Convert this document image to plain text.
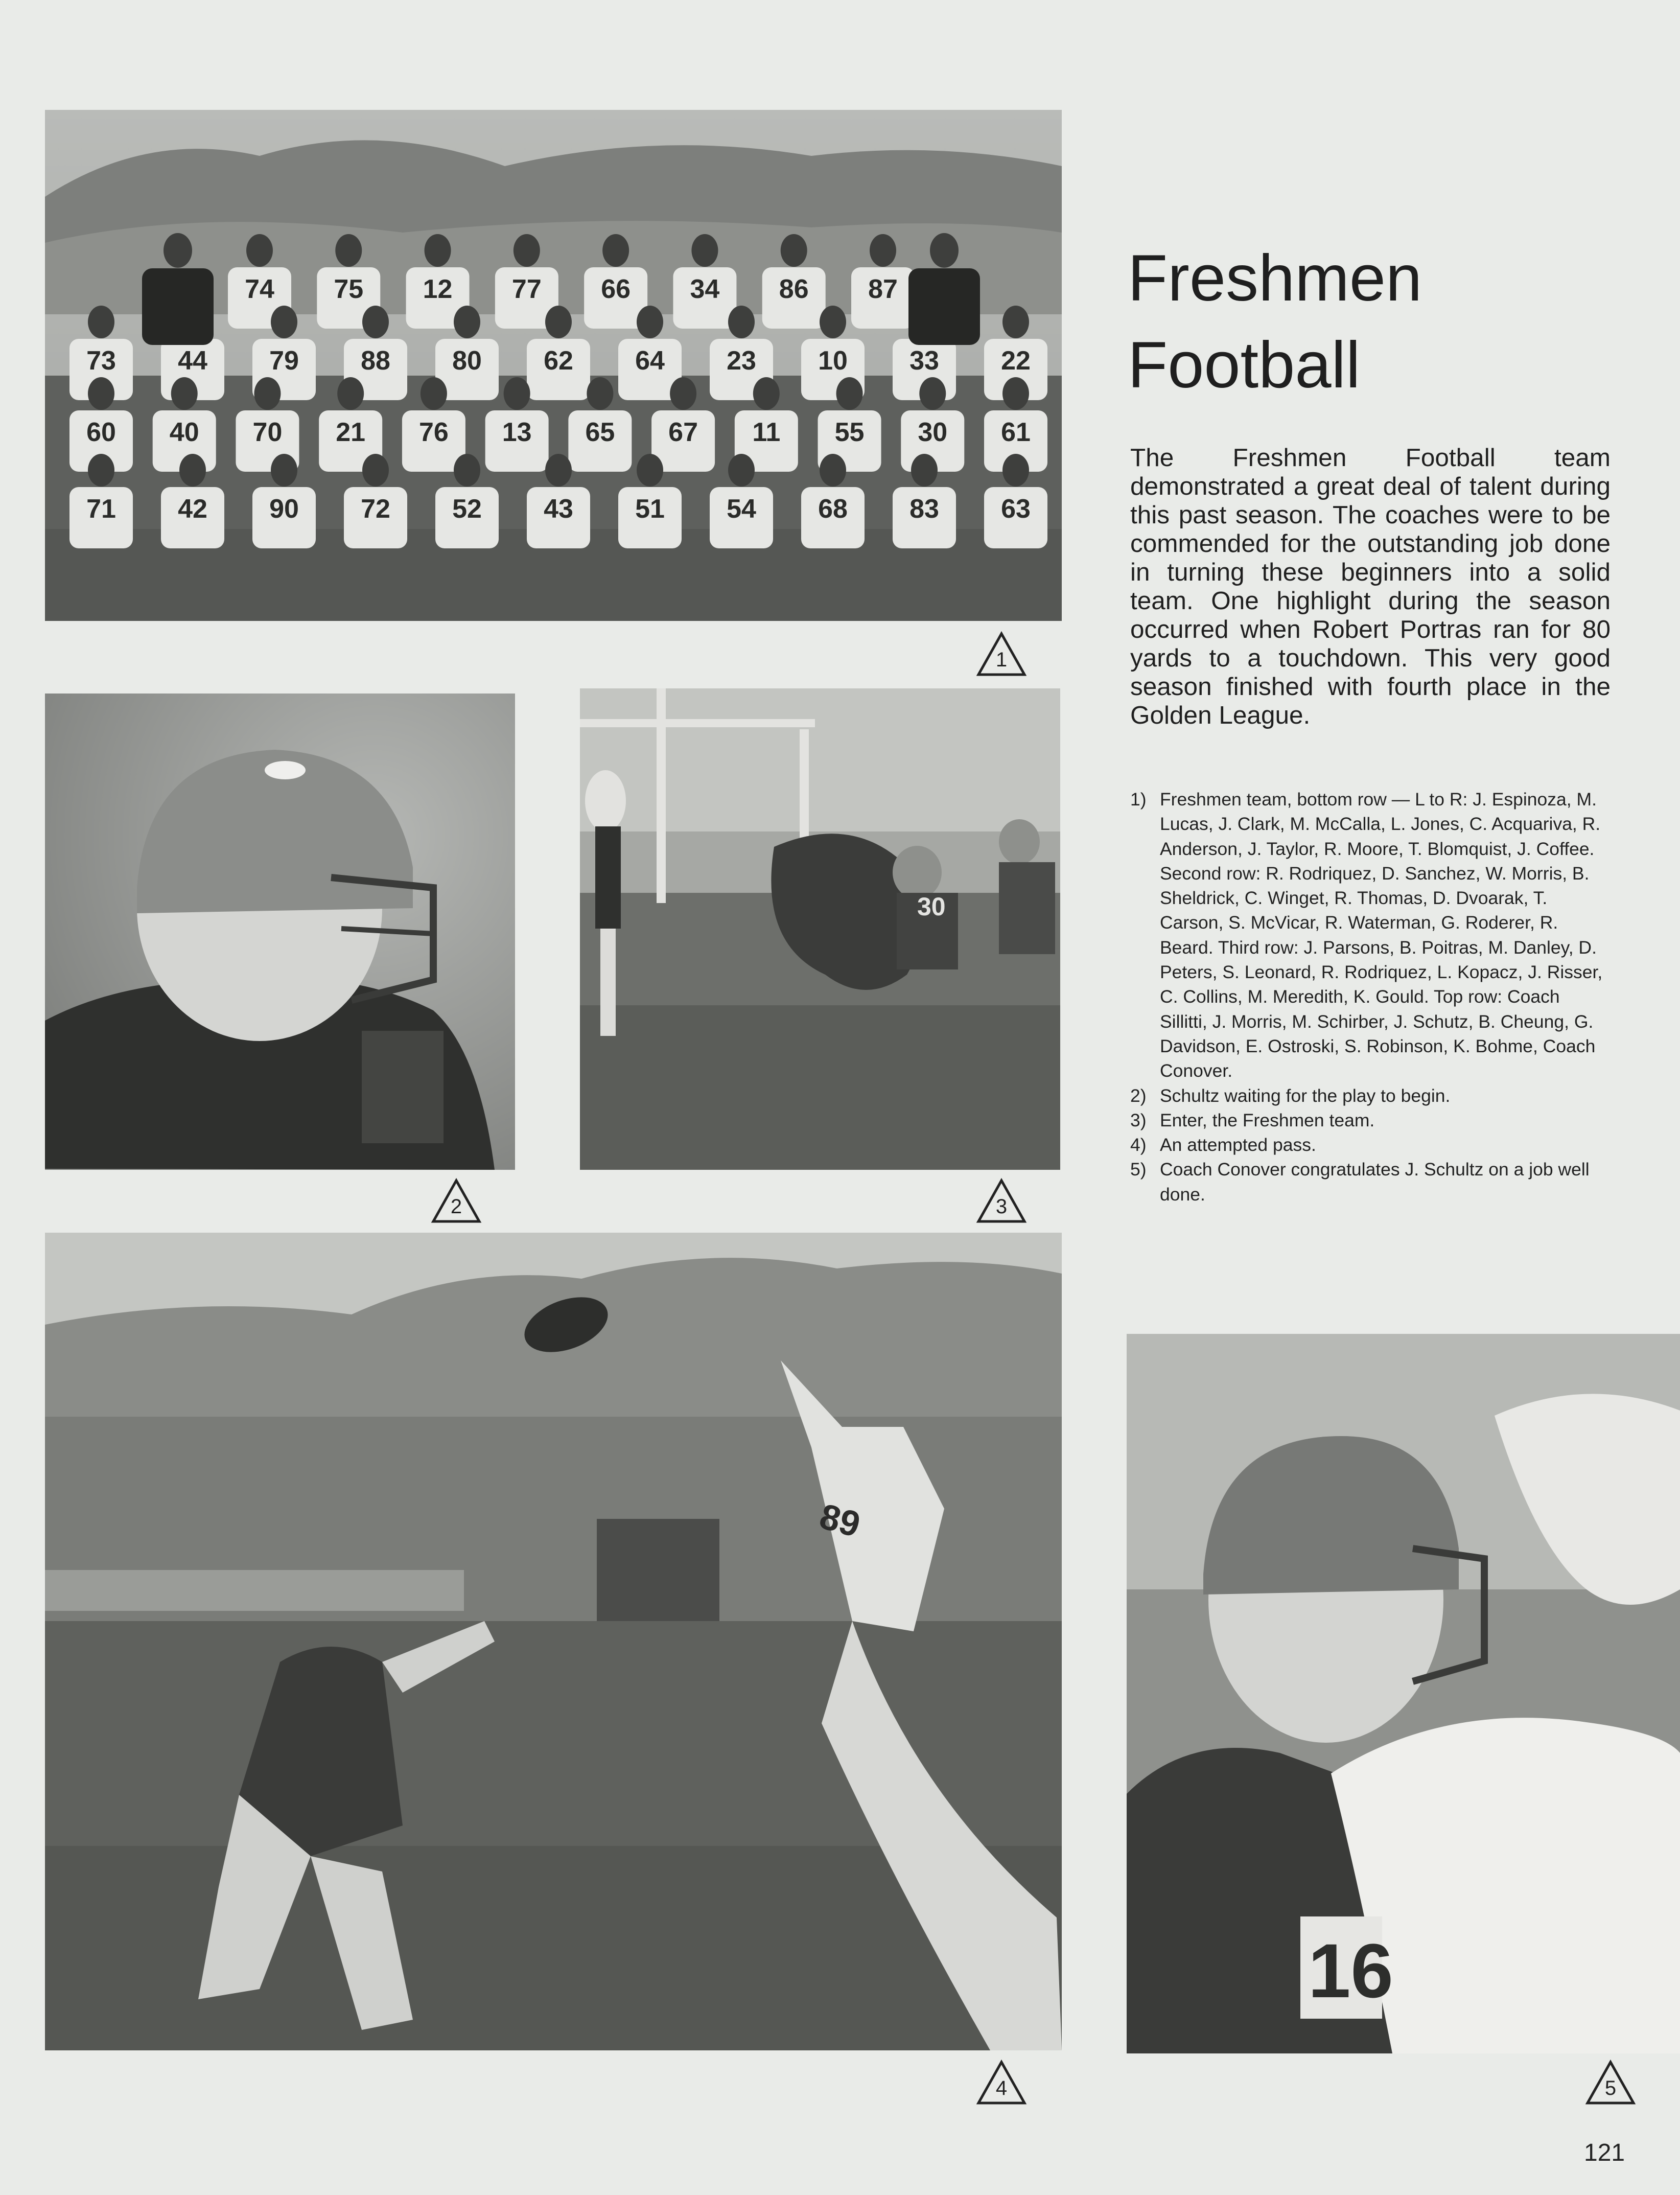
74 75 12 77 66 34 86 87
73 44 79 88 80 62 64 23 10 33 22
60 40 70 21 76 13 65 67 11 55 30 61
71 42 90 72 52 43 51 54 68 83 63
1
2	3
4	5
Freshmen
Football

The Freshmen Football team demonstrated a great deal of talent during this past season. The coaches were to be commended for the outstanding job done in turning these beginners into a solid team. One highlight during the season occurred when Robert Portras ran for 80 yards to a touchdown. This very good season finished with fourth place in the Golden League.

1) Freshmen team, bottom row — L to R: J. Espinoza, M. Lucas, J. Clark, M. McCalla, L. Jones, C. Acquariva, R. Anderson, J. Taylor, R. Moore, T. Blomquist, J. Coffee. Second row: R. Rodriquez, D. Sanchez, W. Morris, B. Sheldrick, C. Winget, R. Thomas, D. Dvoarak, T. Carson, S. McVicar, R. Waterman, G. Roderer, R. Beard. Third row: J. Parsons, B. Poitras, M. Danley, D. Peters, S. Leonard, R. Rodriquez, L. Kopacz, J. Risser, C. Collins, M. Meredith, K. Gould. Top row: Coach Sillitti, J. Morris, M. Schirber, J. Schutz, B. Cheung, G. Davidson, E. Ostroski, S. Robinson, K. Bohme, Coach Conover.
2) Schultz waiting for the play to begin.
3) Enter, the Freshmen team.
4) An attempted pass.
5) Coach Conover congratulates J. Schultz on a job well done.
121
30
89
16
